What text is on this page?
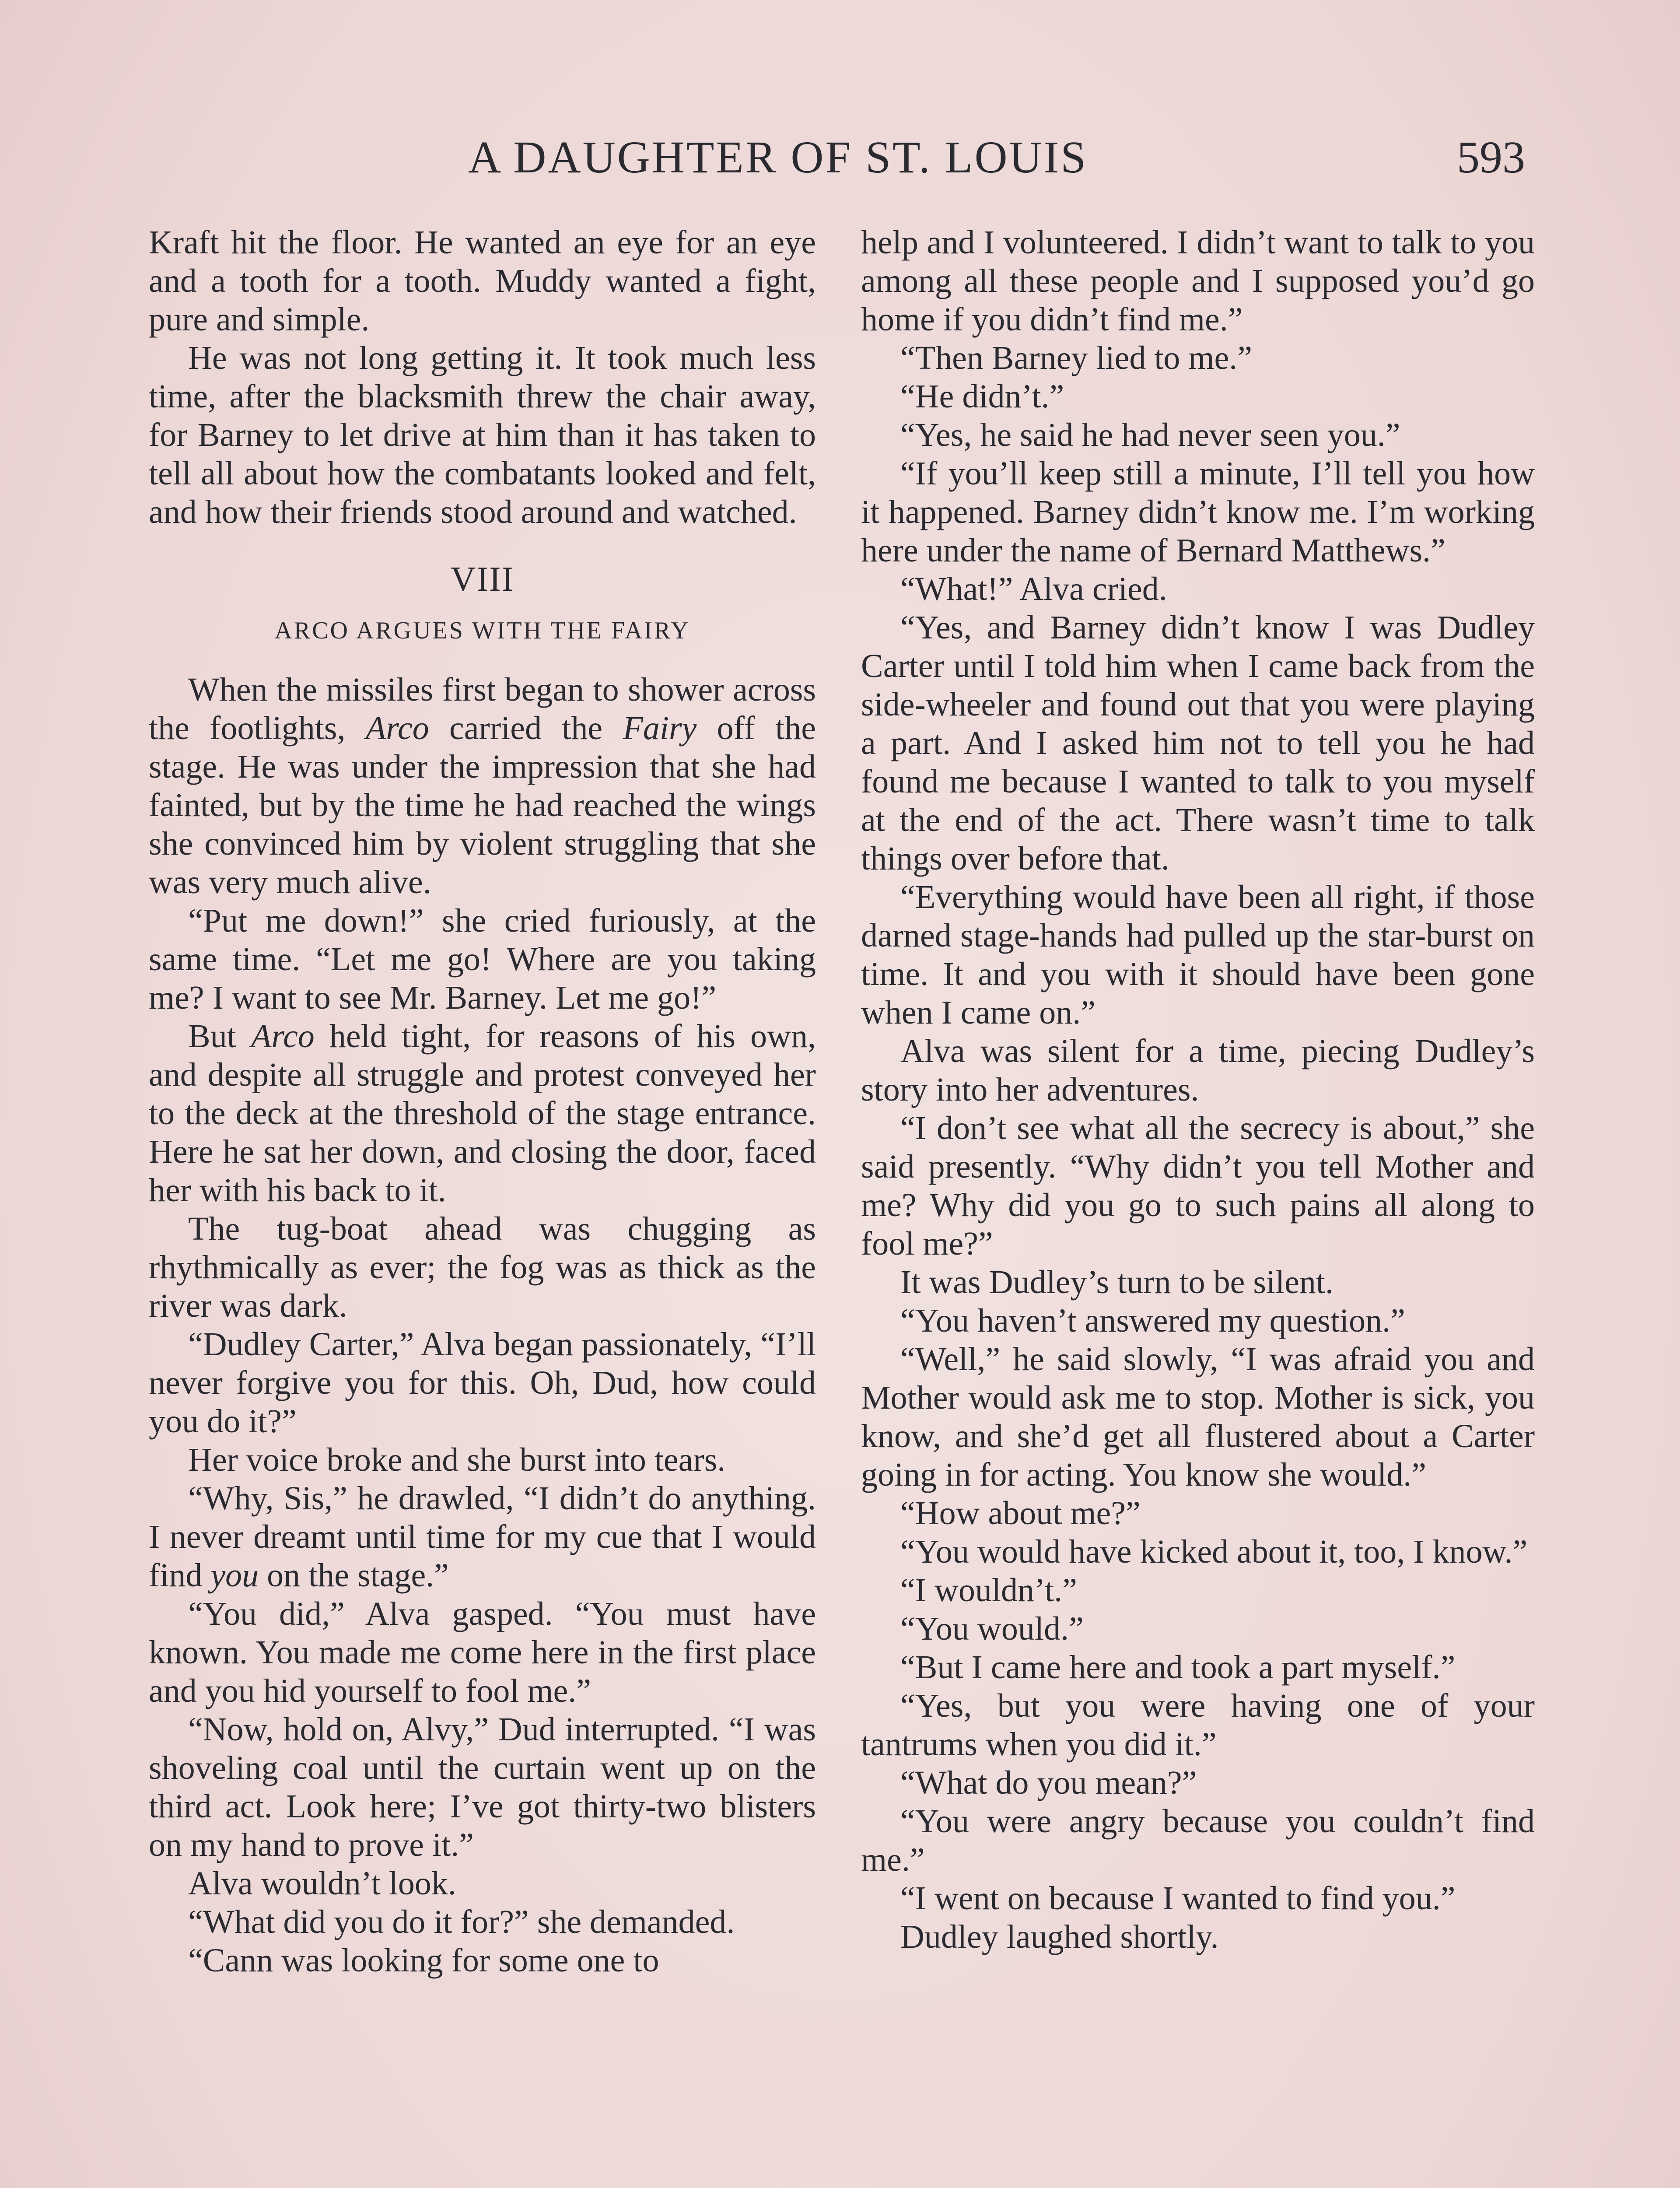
A DAUGHTER OF ST. LOUIS	593

Kraft hit the floor. He wanted an eye for an eye and a tooth for a tooth. Muddy wanted a fight, pure and simple.

He was not long getting it. It took much less time, after the blacksmith threw the chair away, for Barney to let drive at him than it has taken to tell all about how the combatants looked and felt, and how their friends stood around and watched.

VIII
ARCO ARGUES WITH THE FAIRY

When the missiles first began to shower across the footlights, Arco carried the Fairy off the stage. He was under the impression that she had fainted, but by the time he had reached the wings she convinced him by violent struggling that she was very much alive.

“Put me down!” she cried furiously, at the same time. “Let me go! Where are you taking me? I want to see Mr. Barney. Let me go!”

But Arco held tight, for reasons of his own, and despite all struggle and protest conveyed her to the deck at the threshold of the stage entrance. Here he sat her down, and closing the door, faced her with his back to it.

The tug-boat ahead was chugging as rhythmically as ever; the fog was as thick as the river was dark.

“Dudley Carter,” Alva began passionately, “I’ll never forgive you for this. Oh, Dud, how could you do it?”

Her voice broke and she burst into tears.

“Why, Sis,” he drawled, “I didn’t do anything. I never dreamt until time for my cue that I would find you on the stage.”

“You did,” Alva gasped. “You must have known. You made me come here in the first place and you hid yourself to fool me.”

“Now, hold on, Alvy,” Dud interrupted. “I was shoveling coal until the curtain went up on the third act. Look here; I’ve got thirty-two blisters on my hand to prove it.”

Alva wouldn’t look.

“What did you do it for?” she demanded.

“Cann was looking for some one to

help and I volunteered. I didn’t want to talk to you among all these people and I supposed you’d go home if you didn’t find me.”

“Then Barney lied to me.”

“He didn’t.”

“Yes, he said he had never seen you.”

“If you’ll keep still a minute, I’ll tell you how it happened. Barney didn’t know me. I’m working here under the name of Bernard Matthews.”

“What!” Alva cried.

“Yes, and Barney didn’t know I was Dudley Carter until I told him when I came back from the side-wheeler and found out that you were playing a part. And I asked him not to tell you he had found me because I wanted to talk to you myself at the end of the act. There wasn’t time to talk things over before that.

“Everything would have been all right, if those darned stage-hands had pulled up the star-burst on time. It and you with it should have been gone when I came on.”

Alva was silent for a time, piecing Dudley’s story into her adventures.

“I don’t see what all the secrecy is about,” she said presently. “Why didn’t you tell Mother and me? Why did you go to such pains all along to fool me?”

It was Dudley’s turn to be silent.

“You haven’t answered my question.”

“Well,” he said slowly, “I was afraid you and Mother would ask me to stop. Mother is sick, you know, and she’d get all flustered about a Carter going in for acting. You know she would.”

“How about me?”

“You would have kicked about it, too, I know.”

“I wouldn’t.”

“You would.”

“But I came here and took a part myself.”

“Yes, but you were having one of your tantrums when you did it.”

“What do you mean?”

“You were angry because you couldn’t find me.”

“I went on because I wanted to find you.”

Dudley laughed shortly.
